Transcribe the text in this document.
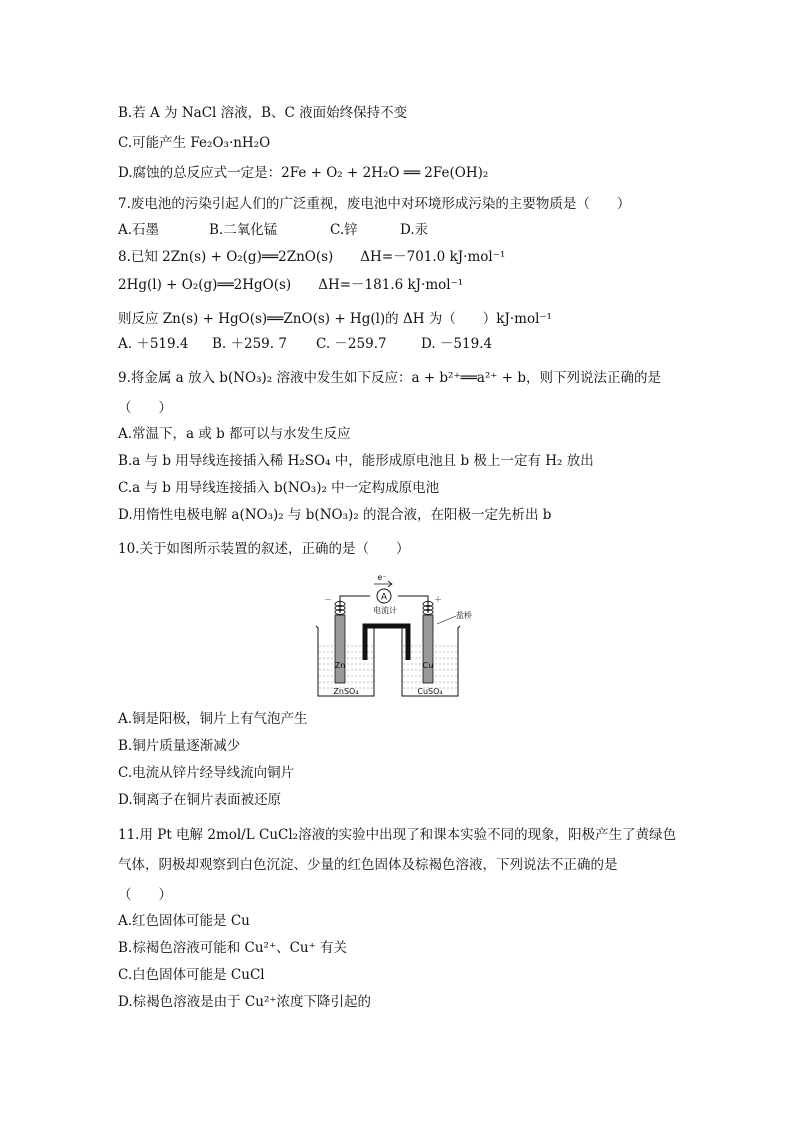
B.若 A 为 NaCl 溶液，B、C 液面始终保持不变
C.可能产生 Fe₂O₃·nH₂O
D.腐蚀的总反应式一定是：2Fe + O₂ + 2H₂O ══ 2Fe(OH)₂
7.废电池的污染引起人们的广泛重视，废电池中对环境形成污染的主要物质是（　　）
A.石墨	B.二氧化锰	C.锌	D.汞
8.已知 2Zn(s) + O₂(g)══2ZnO(s)　　ΔH=－701.0 kJ·mol⁻¹
2Hg(l) + O₂(g)══2HgO(s)　　ΔH=－181.6 kJ·mol⁻¹
则反应 Zn(s) + HgO(s)══ZnO(s) + Hg(l)的 ΔH 为（　　）kJ·mol⁻¹
A. ＋519.4 B. ＋259. 7 C. －259.7	D. －519.4
9.将金属 a 放入 b(NO₃)₂ 溶液中发生如下反应：a + b²⁺══a²⁺ + b，则下列说法正确的是
（　　）
A.常温下，a 或 b 都可以与水发生反应
B.a 与 b 用导线连接插入稀 H₂SO₄ 中，能形成原电池且 b 极上一定有 H₂ 放出
C.a 与 b 用导线连接插入 b(NO₃)₂ 中一定构成原电池
D.用惰性电极电解 a(NO₃)₂ 与 b(NO₃)₂ 的混合液，在阳极一定先析出 b
10.关于如图所示装置的叙述，正确的是（　　）
A
e⁻
电流计
－	＋
Zn	Cu
盐桥
ZnSO₄	CuSO₄
A.铜是阳极，铜片上有气泡产生
B.铜片质量逐渐减少
C.电流从锌片经导线流向铜片
D.铜离子在铜片表面被还原
11.用 Pt 电解 2mol/L CuCl₂溶液的实验中出现了和课本实验不同的现象，阳极产生了黄绿色
气体，阴极却观察到白色沉淀、少量的红色固体及棕褐色溶液，下列说法不正确的是
（　　）
A.红色固体可能是 Cu
B.棕褐色溶液可能和 Cu²⁺、Cu⁺ 有关
C.白色固体可能是 CuCl
D.棕褐色溶液是由于 Cu²⁺浓度下降引起的
